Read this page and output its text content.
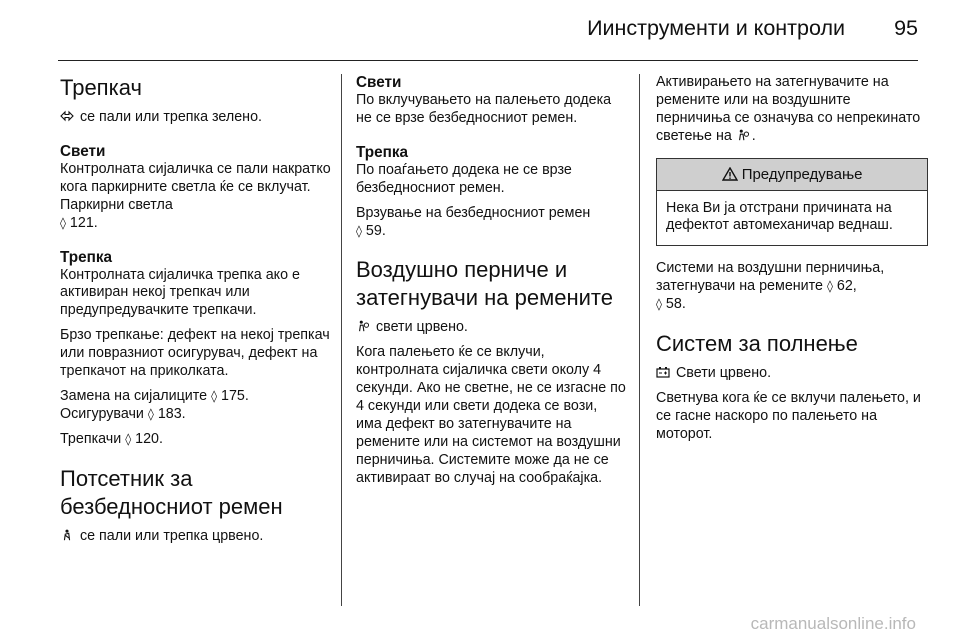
Иинструменти и контроли 95
Трепкач

се пали или трепка зелено.

Свети

Контролната сијаличка се пали накратко кога паркирните светла ќе се вклучат. Паркирни светла
◊ 121.

Трепка

Контролната сијаличка трепка ако е активиран некој трепкач или предупредувачките трепкачи.

Брзо трепкање: дефект на некој трепкач или повразниот осигурувач, дефект на трепкачот на приколката.

Замена на сијалиците ◊ 175.
Осигурувачи ◊ 183.

Трепкачи ◊ 120.

Потсетник за безбедносниот ремен

се пали или трепка црвено.

Свети

По вклучувањето на палењето додека не се врзе безбедносниот ремен.

Трепка

По поаѓањето додека не се врзе безбедносниот ремен.

Врзување на безбедносниот ремен
◊ 59.

Воздушно перниче и затегнувачи на ремените

свети црвено.

Кога палењето ќе се вклучи, контролната сијаличка свети околу 4 секунди. Ако не светне, не се изгасне по 4 секунди или свети додека се вози, има дефект во затегнувачите на ремените или на системот на воздушни перничиња. Системите може да не се активираат во случај на сообраќајка.

Активирањето на затегнувачите на ремените или на воздушните перничиња се означува со непрекинато светење на .

Предупредување
Нека Ви ја отстрани причината на дефектот автомеханичар веднаш.

Системи на воздушни перничиња, затегнувачи на ремените ◊ 62,
◊ 58.

Систем за полнење

Свети црвено.

Светнува кога ќе се вклучи палењето, и се гасне наскоро по палењето на моторот.

carmanualsonline.info
